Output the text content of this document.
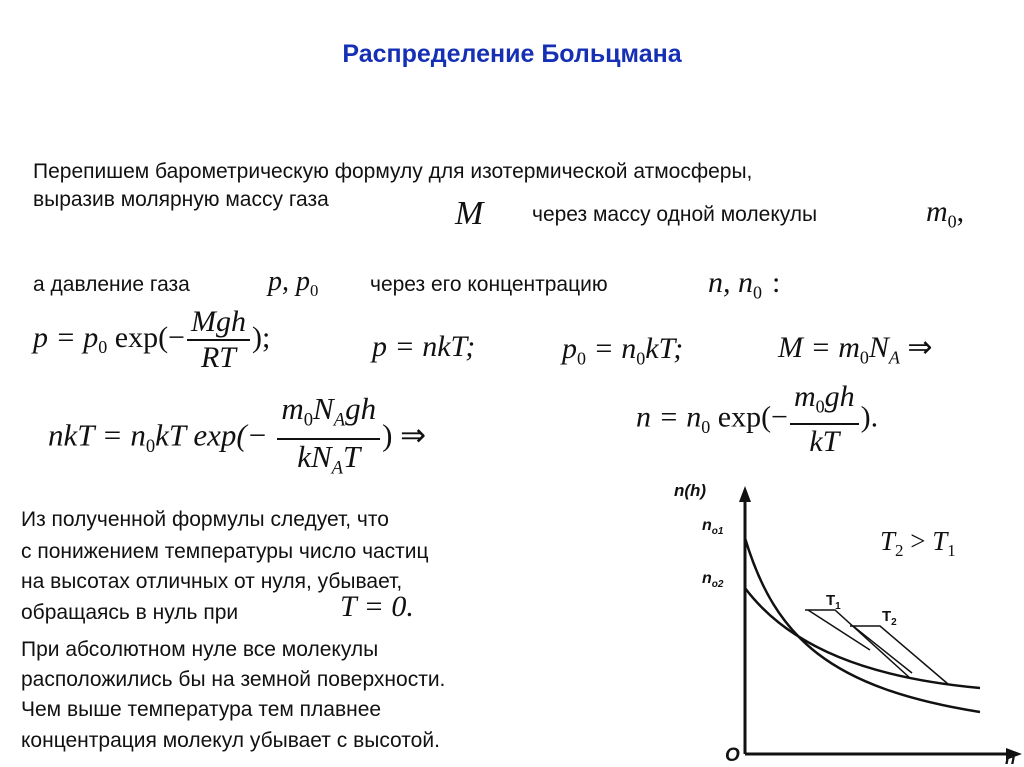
Распределение Больцмана
Перепишем барометрическую формулу для изотермической атмосферы,
выразив молярную массу газа	M через массу одной молекулы	$m_0$,
а давление газа	p, $p_0$ через его концентрацию	n, $n_0$ :
$p = p_0$ $\exp(- \frac{\text{Mgh}}{RT}$ );	p = nkT;	$p_0 = n_0kT$;	$M = m_0N_A$ ⇒
nkT = $n_0kT$ $\exp(- \frac{m_0N_Agh}{kN_AT}$ ) ⇒
$n = n_0$ $\exp(- \frac{m_0gh}{kT}$ ).
Из полученной формулы следует, что
с понижением температуры число частиц
на высотах отличных от нуля, убывает,
обращаясь в нуль при	T = 0.
При абсолютном нуле все молекулы
расположились бы на земной поверхности.
Чем выше температура тем плавнее
концентрация молекул убывает с высотой.
n(h)
h
O
$n_{o1}$
$n_{o2}$
$T_1$
$T_2$
$T_2 > T_1$
